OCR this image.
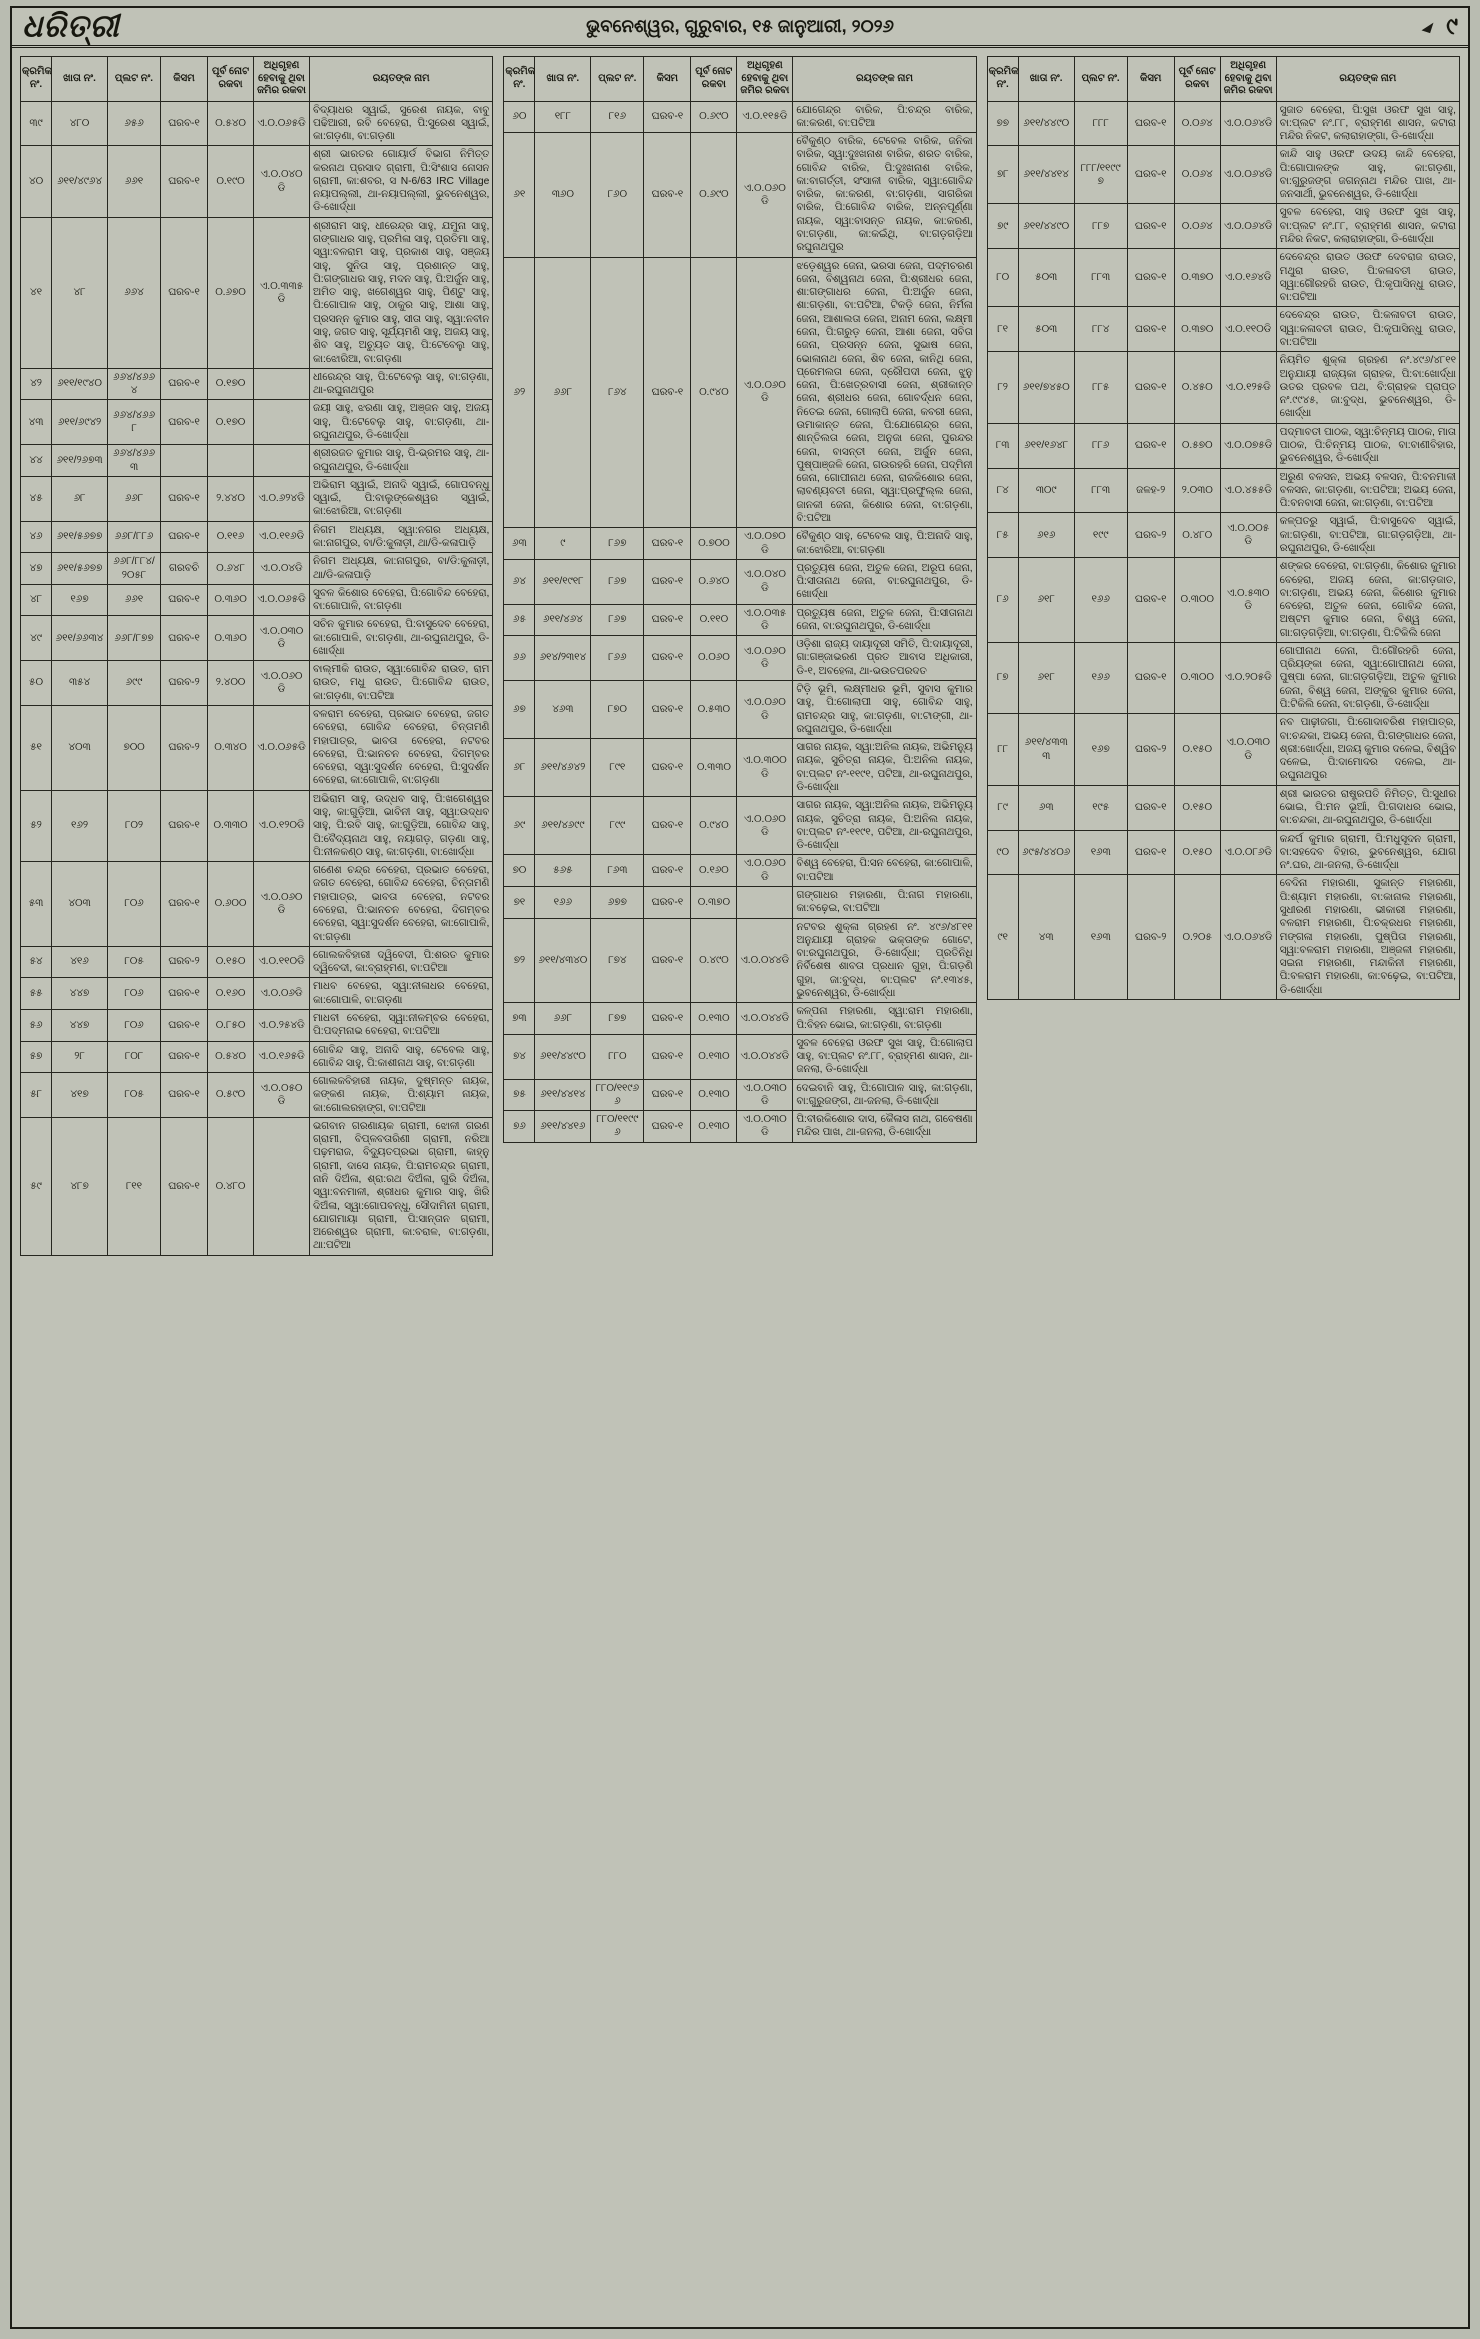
ଧରିତ୍ରୀ	ଭୁବନେଶ୍ୱର, ଗୁରୁବାର, ୧୫ ଜାନୁଆରୀ, ୨୦୨୬	୯
କ୍ରମିକ ନଂ.	ଖାତା ନଂ.	ପ୍ଲଟ ନଂ.	କିସମ	ପୂର୍ବ ନୋଟ ରକବା	ଅଧିଗୃହଣ ହେବାକୁ ଥିବା ଜମିର ରକବା	ରୟତଙ୍କ ନାମ
୩୯	୪୮୦	୬୫୬	ଘରବ-୧	୦.୫୪୦	ଏ.୦.୦୬୫ଡି	ବିଦ୍ୟାଧର ସ୍ୱାଇଁ, ସୁରେଶ ନାୟକ, ବାବୁ ପଢିଆରୀ, ରବି ବେହେରା, ପି:ସୁରେଶ ସ୍ୱାଇଁ, କା:ଗଡ଼ଣା, ବା:ଗଡ଼ଣା
୪୦	୬୧୧/୪୯୬୪	୬୬୧	ଘରବ-୧	୦.୧୯୦	ଏ.୦.୦୪୦ଡି	ଶ୍ରୀ ଭାରତର ଗୋୟାର୍ଡ ବିଭାଗ ନିମିତ୍ତ କରନାଥ ପ୍ରସାଦ ଗ୍ରାମୀ, ପି:ସିଂଶାସ ନୋସନ ଗ୍ରାମୀ, କା:ଶବର, ସ N-6/63 IRC Village ନୟାପଲ୍ଲୀ, ଥା-ନୟାପଲ୍ଲୀ, ଭୁବନେଶ୍ୱର, ଡି-ଖୋର୍ଦ୍ଧା
୪୧	୪୮	୬୬୪	ଘରବ-୧	୦.୬୭୦	ଏ.୦.୩୩୫ଡି	ଶ୍ରୀରାମ ସାହୁ, ଧୀରେନ୍ଦ୍ର ସାହୁ, ଯମୁନା ସାହୁ, ଗଙ୍ଗାଧର ସାହୁ, ପ୍ରମିଳା ସାହୁ, ପ୍ରତିମା ସାହୁ, ସ୍ୱା:ବଳରାମ ସାହୁ, ପ୍ରକାଶ ସାହୁ, ସଞ୍ଜୟ ସାହୁ, ସୁନିତା ସାହୁ, ପ୍ରଶାନ୍ତ ସାହୁ, ପି:ଗଙ୍ଗାଧର ସାହୁ, ମଦନ ସାହୁ, ପି:ଅର୍ଜୁନ ସାହୁ, ଅମିତ ସାହୁ, ଖଗେଶ୍ୱର ସାହୁ, ପିଣ୍ଟୁ ସାହୁ, ପି:ଗୋପାଳ ସାହୁ, ଠାକୁର ସାହୁ, ଆଶା ସାହୁ, ପ୍ରସନ୍ନ କୁମାର ସାହୁ, ସୀତା ସାହୁ, ସ୍ୱା:ନବୀନ ସାହୁ, ଜଗତ ସାହୁ, ସୂର୍ଯ୍ୟମଣି ସାହୁ, ଅଜୟ ସାହୁ, ଶିବ ସାହୁ, ଅଚ୍ୟୁତ ସାହୁ, ପି:ଟେବେଲୁ ସାହୁ, କା:ଝୋରିଆ, ବା:ଗଡ଼ଣା
୪୨	୬୧୧/୧୯୪୦	୬୬୪/୪୬୬୪	ଘରବ-୧	୦.୧୭୦		ଧୀରେନ୍ଦ୍ର ସାହୁ, ପି:ଟେବେଲୁ ସାହୁ, ବା:ଗଡ଼ଣା, ଥା-ରଘୁନାଥପୁର
୪୩	୬୧୧/୬୯୪୨	୬୬୪/୪୬୬୮	ଘରବ-୧	୦.୧୭୦		ଜୟୀ ସାହୁ, ଝରଣା ସାହୁ, ଅଞ୍ଜନ ସାହୁ, ଅଜୟ ସାହୁ, ପି:ଟେବେଲୁ ସାହୁ, ବା:ଗଡ଼ଣା, ଥା-ରଘୁନାଥପୁର, ଡି-ଖୋର୍ଦ୍ଧା
୪୪	୬୧୧/୨୬୭୩	୬୬୪/୪୬୬୩				ଶ୍ରୀରଜତ କୁମାର ସାହୁ, ପି-ଭ୍ରମର ସାହୁ, ଥା-ରଘୁନାଥପୁର, ଡି-ଖୋର୍ଦ୍ଧା
୪୫	୬୮	୬୬୮	ଘରବ-୧	୨.୪୪୦	ଏ.୦.୬୨୪ଡି	ଅଭିରାମ ସ୍ୱାଇଁ, ଅନାଦି ସ୍ୱାଇଁ, ଗୋପବନ୍ଧୁ ସ୍ୱାଇଁ, ପି:ବାଲୁଙ୍କେଶ୍ୱର ସ୍ୱାଇଁ, କା:ଝୋରିଆ, ବା:ଗଡ଼ଣା
୪୬	୬୧୧/୫୬୭୭	୬୬୮/୮୮୬	ଘରବ-୧	୦.୧୧୬	ଏ.୦.୧୧୬ଡି	ନିଗମ ଅଧ୍ୟକ୍ଷ, ସ୍ୱା:ନଗର ଅଧ୍ୟକ୍ଷ, କା:ନାଗପୁର, ବା/ଡି:କୁଳାଡ଼ୀ, ଥା/ଡି-କଳାପାଡ଼ି
୪୭	୬୧୧/୫୬୭୭	୬୬୮/୮୮୪/୨୦୫୮	ଗରବଚି	୦.୬୪୮	ଏ.୦.୦୪ଡି	ନିଗମ ଅଧ୍ୟକ୍ଷ, କା:ନାଗପୁର, ବା/ଡି:କୁଳାଡ଼ୀ, ଥା/ଡି-କଳାପାଡ଼ି
୪୮	୧୬୭	୬୬୧	ଘରବ-୧	୦.୩୬୦	ଏ.୦.୦୬୫ଡି	ସୁବଳ କିଶୋର ବେହେରା, ପି:ଗୋବିନ୍ଦ ବେହେରା, ବା:ଗୋପାଳି, ବା:ଗଡ଼ଣା
୪୯	୬୧୧/୬୬୩୪	୬୬୮/୮୭୭	ଘରବ-୧	୦.୩୬୦	ଏ.୦.୦୩୦ଡି	ସଚିନ କୁମାର ବେହେରା, ପି:ବାସୁଦେବ ବେହେରା, କା:ଗୋପାଳି, ବା:ଗଡ଼ଣା, ଥା-ରଘୁନାଥପୁର, ଡି-ଖୋର୍ଦ୍ଧା
୫୦	୩୫୪	୬୯୯	ଘରବ-୨	୨.୪୦୦	ଏ.୦.୦୬୦ଡି	ବାଲ୍ମୀକି ରାଉତ, ସ୍ୱା:ଗୋବିନ୍ଦ ରାଉତ, ରାମ ରାଉତ, ମଧୁ ରାଉତ, ପି:ଗୋବିନ୍ଦ ରାଉତ, କା:ଗଡ଼ଣା, ବା:ପଟିଆ
୫୧	୪୦୩	୭୦୦	ଘରବ-୨	୦.୩୪୦	ଏ.୦.୦୬୫ଡି	ବଳରାମ ବେହେରା, ପ୍ରଭାତ ବେହେରା, ଜଗତ ବେହେରା, ଗୋବିନ୍ଦ ବେହେରା, ଚିନ୍ତାମଣି ମହାପାତ୍ର, ଭାବତା ବେହେରା, ନଟବର ବେହେରା, ପି:ଭାନଚନ ବେହେରା, ଦିଗମ୍ବର ବେହେରା, ସ୍ୱା:ସୁଦର୍ଶନ ବେହେରା, ପି:ସୁଦର୍ଶନ ବେହେରା, କା:ଗୋପାଳି, ବା:ଗଡ଼ଣା
୫୨	୧୬୨	୮୦୨	ଘରବ-୧	୦.୩୩୦	ଏ.୦.୧୨୦ଡି	ଅଭିରାମ ସାହୁ, ଉଦ୍ଧବ ସାହୁ, ପି:ଖଗେଶ୍ୱର ସାହୁ, କା:ଗୁଡ଼ିଆ, ଭାବିନୀ ସାହୁ, ସ୍ୱା:ଉଦ୍ଧବ ସାହୁ, ପି:ରବି ସାହୁ, କା:ଗୁଡ଼ିଆ, ଗୋବିନ୍ଦ ସାହୁ, ପି:ବୈଦ୍ୟନାଥ ସାହୁ, ନୟାଗଡ଼, ଗଡ଼ଣା ସାହୁ, ପି:ନୀଳକଣ୍ଠ ସାହୁ, କା:ଗଡ଼ଣା, ବା:ଖୋର୍ଦ୍ଧା
୫୩	୪୦୩	୮୦୬	ଘରବ-୧	୦.୬୦୦	ଏ.୦.୦୬୦ଡି	ଗଣେଶ ଚନ୍ଦ୍ର ବେହେରା, ପ୍ରଭାତ ବେହେରା, ଜଗତ ବେହେରା, ଗୋବିନ୍ଦ ବେହେରା, ଚିନ୍ତାମଣି ମହାପାତ୍ର, ଭାବତା ବେହେରା, ନଟବର ବେହେରା, ପି:ଭାନଚନ ବେହେରା, ଦିଗମ୍ବର ବେହେରା, ସ୍ୱା:ସୁଦର୍ଶନ ବେହେରା, କା:ଗୋପାଳି, ବା:ଗଡ଼ଣା
୫୪	୪୧୬	୮୦୫	ଘରବ-୨	୦.୧୫୦	ଏ.୦.୧୧୦ଡି	ଗୋଲକବିହାରୀ ଦ୍ୱିବେଦୀ, ପି:ଶରତ କୁମାର ଦ୍ୱିବେଦୀ, କା:ବ୍ରାହ୍ମଣ, ବା:ପଟିଆ
୫୫	୪୪୭	୮୦୬	ଘରବ-୧	୦.୧୬୦	ଏ.୦.୦୬ଡି	ମାଧବ ବେହେରା, ସ୍ୱା:ନୀଳାଧର ବେହେରା, କା:ଗୋପାଳି, ବା:ଗଡ଼ଣା
୫୬	୪୪୭	୮୦୬	ଘରବ-୧	୦.୮୫୦	ଏ.୦.୨୫୪ଡି	ମାଧବୀ ବେହେରା, ସ୍ୱା:ନୀଳମ୍ବର ବେହେରା, ପି:ପଦ୍ମନାଭ ବେହେରା, ବା:ପଟିଆ
୫୭	୨୮	୮୦୮	ଘରବ-୧	୦.୫୪୦	ଏ.୦.୧୬୫ଡି	ଗୋବିନ୍ଦ ସାହୁ, ଅନାଦି ସାହୁ, ଟେବେଲ ସାହୁ, ଗୋବିନ୍ଦ ସାହୁ, ପି:କାଶୀନାଥ ସାହୁ, ବା:ଗଡ଼ଣା
୫୮	୪୧୭	୮୦୫	ଘରବ-୧	୦.୫୯୦	ଏ.୦.୦୫୦ଡି	ଗୋଲକବିହାରୀ ନାୟକ, ଦୁଷ୍ମନ୍ତ ନାୟକ, କଙ୍କଣ ନାୟକ, ପି:ଶ୍ୟାମ ନାୟକ, କା:ଗୋଲରହାଙ୍ଗ, ବା:ପଟିଆ
୫୯	୪୮୭	୮୧୧	ଘରବ-୧	୦.୪୮୦		ଭଗବାନ ଗରଣାୟକ ଗ୍ରାମୀ, ଝୋଳୀ ଗରଣ ଗ୍ରାମୀ, ବିପ୍ଳବତାରିଣୀ ଗ୍ରାମୀ, ନରିଆ ପଢ଼ମରାଜ, ବିଦ୍ୟୁତପ୍ରଭା ଗ୍ରାମୀ, କାହ୍ନୁ ଗ୍ରାମୀ, ଦାସେ ନାୟକ, ପି:ରାମଚନ୍ଦ୍ର ଗ୍ରାମୀ, ନାନି ଦିଅଁଳା, ଶ୍ରା:ରଥ ଦିଅଁଳା, ଗୁରି ଦିଅଁଳା, ସ୍ୱା:ବନମାଳୀ, ଶ୍ରୀଧର କୁମାର ସାହୁ, ଖିରି ଦିଅଁଳା, ସ୍ୱା:ଗୋପବନ୍ଧୁ, ସୌଦାମିନୀ ଗ୍ରାମୀ, ଯୋଗମାୟା ଗ୍ରାମୀ, ପି:ସାନ୍ତାନ ଗ୍ରାମୀ, ଅରେଶ୍ୱର ଗ୍ରାମୀ, କା:ବରାଳ, ବା:ଗଡ଼ଣା, ଥା:ପଟିଆ
କ୍ରମିକ ନଂ.	ଖାତା ନଂ.	ପ୍ଲଟ ନଂ.	କିସମ	ପୂର୍ବ ନୋଟ ରକବା	ଅଧିଗୃହଣ ହେବାକୁ ଥିବା ଜମିର ରକବା	ରୟତଙ୍କ ନାମ
୬୦	୧୮୮	୮୧୬	ଘରବ-୧	୦.୬୯୦	ଏ.୦.୧୧୫ଡି	ଯୋଗେନ୍ଦ୍ର ବାରିକ, ପି:ଚନ୍ଦ୍ର ବାରିକ, କା:କରଣ, ବା:ପଟିଆ
୬୧	୩୬୦	୮୬୦	ଘରବ-୧	୦.୬୯୦	ଏ.୦.୦୬୦ଡି	ବୈକୁଣ୍ଠ ବାରିକ, ଟେବେଲ ବାରିକ, ଜନିକା ବାରିକ, ସ୍ୱା:ଦୁଃଖନାଶ ବାରିକ, ଶରତ ବାରିକ, ଗୋବିନ୍ଦ ବାରିକ, ପି:ଦୁଃଖନାଶ ବାରିକ, କା:ବାଗର୍ତ୍ତୀ, ସଂସାଳୀ ବାରିକ, ସ୍ୱା:ଗୋବିନ୍ଦ ବାରିକ, କା:କରଣ, ବା:ଗଡ଼ଣା, ସାଗରିକା ବାରିକ, ପି:ଗୋବିନ୍ଦ ବାରିକ, ଅନ୍ନପୂର୍ଣ୍ଣା ନାୟକ, ସ୍ୱା:ବାସନ୍ତ ନାୟକ, କା:କରଣ, ବା:ଗଡ଼ଣା, କା:କଇଁଥି, ବା:ଗଡ଼ଗଡ଼ିଆ ରଘୁନାଥପୁର
୬୨	୬୬୮	୮୬୪	ଘରବ-୧	୦.୯୪୦	ଏ.୦.୦୬୦ଡି	ଝଡ଼େଶ୍ୱର ଜେନା, ଭରସା ଜେନା, ପଦ୍ମଚରଣ ଜେନା, ବିଶ୍ୱନାଥ ଜେନା, ପି:ଶ୍ରୀଧର ଜେନା, ଶା:ଗଙ୍ଗାଧର ଜେନା, ପି:ଅର୍ଜୁନ ଜେନା, ଶା:ଗଡ଼ଣା, ବା:ପଟିଆ, ଟିକଡ଼ି ଜେନା, ନିର୍ମଳା ଜେନା, ଆଶାଲତା ଜେନା, ଅନାମ ଜେନା, ଲକ୍ଷ୍ମୀ ଜେନା, ପି:ଗରୁଡ଼ ଜେନା, ଆଶା ଜେନା, ସବିତା ଜେନା, ପ୍ରସନ୍ନ ଜେନା, ସୁଭାଷ ଜେନା, ଭୋଳାନାଥ ଜେନା, ଶିବ ଜେନା, କାନିଥି ଜେନା, ପ୍ରେମଲତା ଜେନା, ଦ୍ରୌପଦୀ ଜେନା, ଝୁନୁ ଜେନା, ପି:ଖେତ୍ରବାସୀ ଜେନା, ଶ୍ରୀକାନ୍ତ ଜେନା, ଶ୍ରୀଧର ଜେନା, ଗୋବର୍ଦ୍ଧନ ଜେନା, ନିତେଇ ଜେନା, ଗୋଲାପି ଜେନା, କବରୀ ଜେନା, ଉମାକାନ୍ତ ଜେନା, ପି:ଯୋଗେନ୍ଦ୍ର ଜେନା, ଶାନ୍ତିଲତା ଜେନା, ଅନୁଜା ଜେନା, ପୁରନ୍ଦର ଜେନା, ବାସନ୍ତୀ ଜେନା, ଅର୍ଜୁନ ଜେନା, ପୁଷ୍ପାଞ୍ଜଳି ଜେନା, ଗଉରହରି ଜେନା, ପଦ୍ମିନୀ ଜେନା, ଗୋପୀନାଥ ଜେନା, ରାଜକିଶୋର ଜେନା, ଲାବଣ୍ୟବତୀ ଜେନା, ସ୍ୱା:ପ୍ରଫୁଲ୍ଲ ଜେନା, ଜାନକୀ ଜେନା, କିଶୋର ଜେନା, ବା:ଗଡ଼ଣା, ବି:ପଟିଆ
୬୩	୯	୮୬୭	ଘରବ-୧	୦.୭୦୦	ଏ.୦.୦୭୦ଡି	ବୈକୁଣ୍ଠ ସାହୁ, ଟେବେଲ ସାହୁ, ପି:ଅନାଦି ସାହୁ, କା:ଝୋରିଆ, ବା:ଗଡ଼ଣା
୬୪	୬୧୧/୧୯୧୮	୮୬୭	ଘରବ-୧	୦.୬୪୦	ଏ.୦.୦୪୦ଡି	ପ୍ରତ୍ୟୁଷ ଜେନା, ଅତୁଳ ଜେନା, ଅରୂପ ଜେନା, ପି:ସୀତାନାଥ ଜେନା, ବା:ରଘୁନାଥପୁର, ଡି-ଖୋର୍ଦ୍ଧା
୬୫	୬୧୧/୪୬୪	୮୬୭	ଘରବ-୧	୦.୧୧୦	ଏ.୦.୦୩୫ଡି	ପ୍ରତ୍ୟୁଷ ଜେନା, ଅତୁଳ ଜେନା, ପି:ସୀତାନାଥ ଜେନା, ବା:ରଘୁନାଥପୁର, ଡି-ଖୋର୍ଦ୍ଧା
୬୬	୬୧୪/୨୩୧୪	୮୬୬	ଘରବ-୧	୦.୦୬୦	ଏ.୦.୦୬୦ଡି	ଓଡ଼ିଶା ରାଜ୍ୟ ଦାୟାଦୂରୀ ସମିତି, ପି:ଦାୟାଦୂରୀ, ଗା:ଗଞ୍ଜାଭରଣ ପ୍ରତ ଆବାସ ଅଧିକାରୀ, ଡି-୧, ଅବହେଳା, ଥା-ଭଉତପରଦତ
୬୭	୪୬୩	୮୭୦	ଘରବ-୧	୦.୫୩୦	ଏ.୦.୦୬୦ଡି	ଟିଡ଼ି ଭୂମି, ଲକ୍ଷ୍ମୀଧର ଭୂମି, ସୁବାସ କୁମାର ସାହୁ, ପି:ଗୋଲାପୀ ସାହୁ, ଗୋବିନ୍ଦ ସାହୁ, ରାମଚନ୍ଦ୍ର ସାହୁ, କା:ଗଡ଼ଣା, ବା:ଟାଙ୍ଗୀ, ଥା-ରଘୁନାଥପୁର, ଡି-ଖୋର୍ଦ୍ଧା
୬୮	୬୧୧/୪୬୪୨	୮୯୧	ଘରବ-୧	୦.୩୩୦	ଏ.୦.୩୦୦ଡି	ସାଗର ନାୟକ, ସ୍ୱା:ଅନିଲ ନାୟକ, ଅଭିମନ୍ୟୁ ନାୟକ, ସୁଚିତ୍ରା ନାୟକ, ପି:ଅନିଲ ନାୟକ, ବା:ପ୍ଲଟ ନଂ-୧୧୯୧, ପଟିଆ, ଥା-ରଘୁନାଥପୁର, ଡି-ଖୋର୍ଦ୍ଧା
୬୯	୬୧୧/୪୬୯୯	୮୯୯	ଘରବ-୧	୦.୯୪୦	ଏ.୦.୦୬୦ଡି	ସାଗର ନାୟକ, ସ୍ୱା:ଅନିଲ ନାୟକ, ଅଭିମନ୍ୟୁ ନାୟକ, ସୁଚିତ୍ରା ନାୟକ, ପି:ଅନିଲ ନାୟକ, ବା:ପ୍ଲଟ ନଂ-୧୧୯୧, ପଟିଆ, ଥା-ରଘୁନାଥପୁର, ଡି-ଖୋର୍ଦ୍ଧା
୭୦	୫୬୫	୮୬୩	ଘରବ-୧	୦.୧୬୦	ଏ.୦.୦୬୦ଡି	ବିଶ୍ୱ ବେହେରା, ପି:ସନ ବେହେରା, କା:ଗୋପାଳି, ବା:ପଟିଆ
୭୧	୧୬୬	୬୭୭	ଘରବ-୧	୦.୩୭୦		ଗଙ୍ଗାଧର ମହାରଣା, ପି:ନାଗ ମହାରଣା, କା:ବଢ଼େଇ, ବା:ପଟିଆ
୭୨	୬୧୧/୪୩୪୦	୮୭୪	ଘରବ-୧	୦.୪୯୦	ଏ.୦.୦୪୪ଡି	ନଟବର ଶୁକ୍ଳା ଗ୍ରହଣ ନଂ. ୪୯୬/୪୮୧୧ ଅନୁଯାୟୀ ଗ୍ରାହକ ଭକ୍ତାଙ୍କ ଗୋଟେ, ବା:ରଘୁନାଥପୁର, ଡି-ଖୋର୍ଦ୍ଧା; ପ୍ରତିନିଧି ନିର୍ବିଶେଷ ଶାବତା ପ୍ରଧାନ ଗୁହା, ପି:ଗଡ଼ଣି ଗୁହା, ଜା:ବୁଦ୍ଧ, ବା:ପ୍ଲଟ ନଂ.୧୩୪୫, ଭୁବନେଶ୍ୱର, ଡି-ଖୋର୍ଦ୍ଧା
୭୩	୬୬୮	୮୭୭	ଘରବ-୧	୦.୧୩୦	ଏ.୦.୦୪୪ଡି	କଳ୍ପନା ମହାରଣା, ସ୍ୱା:ରାମ ମହାରଣା, ପି:ବିହନ ଭୋଇ, କା:ଗଡ଼ଣା, ବା:ଗଡ଼ଣା
୭୪	୬୧୧/୪୪୯୦	୮୮୦	ଘରବ-୧	୦.୧୩୦	ଏ.୦.୦୪୪ଡି	ସୁବଳ ବେହେରା ଓରଫ ସୁଖ ସାହୁ, ପି:ଗୋଲାପ ସାହୁ, ବା:ପ୍ଲଟ ନଂ.୮୮, ବ୍ରାହ୍ମଣ ଶାସନ, ଥା-ଜନଲା, ଡି-ଖୋର୍ଦ୍ଧା
୭୫	୬୧୧/୪୪୧୪	୮୮୦/୧୧୯୬୬	ଘରବ-୧	୦.୧୩୦	ଏ.୦.୦୩୦ଡି	ଦେଇବାନି ସାହୁ, ପି:ଗୋପାଳ ସାହୁ, କା:ଗଡ଼ଣା, ବା:ଗୁରୁଜଙ୍ଗ, ଥା-ଜନଲା, ଡି-ଖୋର୍ଦ୍ଧା
୭୬	୬୧୧/୪୪୧୬	୮୮୦/୧୧୯୯୬	ଘରବ-୧	୦.୧୩୦	ଏ.୦.୦୩୦ଡି	ପି:ବୀରକିଶୋର ଦାସ, କୈଳାସ ନାଥ, ଗବେଷଣା ମନ୍ଦିର ପାଖ, ଥା-ଜନଲା, ଡି-ଖୋର୍ଦ୍ଧା
କ୍ରମିକ ନଂ.	ଖାତା ନଂ.	ପ୍ଲଟ ନଂ.	କିସମ	ପୂର୍ବ ନୋଟ ରକବା	ଅଧିଗୃହଣ ହେବାକୁ ଥିବା ଜମିର ରକବା	ରୟତଙ୍କ ନାମ
୭୭	୬୧୧/୪୪୯୦	୮୮୮	ଘରବ-୧	୦.୦୬୪	ଏ.୦.୦୬୪ଡି	ସୁଜାତ ବେହେରା, ପି:ସୁଖ ଓରଫ ସୁଖ ସାହୁ, ବା:ପ୍ଲଟ ନଂ.୮୮, ବ୍ରାହ୍ମଣ ଶାସନ, କଟାରା ମନ୍ଦିର ନିକଟ, କଲାରାହାଙ୍ଗା, ଡି-ଖୋର୍ଦ୍ଧା
୭୮	୬୧୧/୪୪୧୪	୮୮୮/୧୧୯୯୭	ଘରବ-୧	୦.୦୬୪	ଏ.୦.୦୬୪ଡି	କାନ୍ଦି ସାହୁ ଓରଫ ଉଦୟ କାନ୍ଦି ବେହେରା, ପି:ଗୋପାଳଙ୍କ ସାହୁ, କା:ଗଡ଼ଣା, ବା:ଗୁରୁଜଙ୍ଗ ଜଗନ୍ନାଥ ମନ୍ଦିର ପାଖ, ଥା-ଜନସାର୍ଥୀ, ଭୁବନେଶ୍ୱର, ଡି-ଖୋର୍ଦ୍ଧା
୭୯	୬୧୧/୪୪୯୦	୮୮୭	ଘରବ-୧	୦.୦୬୪	ଏ.୦.୦୬୪ଡି	ସୁବଳ ବେହେରା, ସାହୁ ଓରଫ ସୁଖ ସାହୁ, ବା:ପ୍ଲଟ ନଂ.୮୮, ବ୍ରାହ୍ମଣ ଶାସନ, କଟାରା ମନ୍ଦିର ନିକଟ, କଲାରାହାଙ୍ଗା, ଡି-ଖୋର୍ଦ୍ଧା
୮୦	୫୦୩	୮୮୩	ଘରବ-୧	୦.୩୭୦	ଏ.୦.୧୬୪ଡି	ଦେବେନ୍ଦ୍ର ରାଉତ ଓରଫ ଦେବରାଜ ରାଉତ, ମଥୁରା ରାଉତ, ପି:କଳାବତୀ ରାଉତ, ସ୍ୱା:ଗୌରହରି ରାଉତ, ପି:କୃପାସିନ୍ଧୁ ରାଉତ, ବା:ପଟିଆ
୮୧	୫୦୩	୮୮୪	ଘରବ-୧	୦.୩୭୦	ଏ.୦.୧୧୦ଡି	ଦେବେନ୍ଦ୍ର ରାଉତ, ପି:କଳାବତୀ ରାଉତ, ସ୍ୱା:କଳାବତୀ ରାଉତ, ପି:କୃପାସିନ୍ଧୁ ରାଉତ, ବା:ପଟିଆ
୮୨	୬୧୧/୭୪୫୦	୮୮୫	ଘରବ-୧	୦.୪୫୦	ଏ.୦.୧୨୫ଡି	ନିୟମିତ ଶୁକ୍ଳା ଗ୍ରହଣ ନଂ.୪୯୬/୪୮୧୧ ଅନୁଯାୟୀ ରାଜ୍ୟକା ଗ୍ରାହକ, ପି:ବା:ଖୋର୍ଦ୍ଧା ଉତର ପ୍ରବଳ ପଥ, ବି:ଗ୍ରାହକ ପ୍ରାପ୍ତ ନଂ.୯୯୪୫, ଜା:ବୁଦ୍ଧ, ଭୁବନେଶ୍ୱର, ଡି-ଖୋର୍ଦ୍ଧା
୮୩	୬୧୧/୧୬୪୮	୮୮୬	ଘରବ-୧	୦.୫୭୦	ଏ.୦.୦୭୫ଡି	ପଦ୍ମାବତୀ ପାଠକ, ସ୍ୱା:ଚିନ୍ମୟ ପାଠକ, ମାତା ପାଠକ, ପି:ଚିନ୍ମୟ ପାଠକ, ବା:ବାଣୀବିହାର, ଭୁବନେଶ୍ୱର, ଡି-ଖୋର୍ଦ୍ଧା
୮୪	୩୦୯	୮୮୩	ଜଳହ-୨	୨.୦୩୦	ଏ.୦.୪୫୫ଡି	ଅରୁଣ ବଳସନ, ଅଭୟ ବଳସନ, ପି:ବନମାଳୀ ବଳସନ, କା:ଗଡ଼ଣା, ବା:ପଟିଆ; ଅଭୟ ଜେନା, ପି:ବନବାସୀ ଜେନା, କା:ଗଡ଼ଣା, ବା:ପଟିଆ
୮୫	୬୧୬	୧୯୯	ଘରବ-୨	୦.୪୮୦	ଏ.୦.୦୦୫ଡି	କଳ୍ପତରୁ ସ୍ୱାଇଁ, ପି:ବାସୁଦେବ ସ୍ୱାଇଁ, କା:ଗଡ଼ଣା, ବା:ପଟିଆ, ଗା:ଗଡ଼ଗଡ଼ିଆ, ଥା-ରଘୁନାଥପୁର, ଡି-ଖୋର୍ଦ୍ଧା
୮୬	୬୧୮	୧୬୬	ଘରବ-୧	୦.୩୦୦	ଏ.୦.୫୩୦ଡି	ଶଙ୍କର ବେହେରା, ବା:ଗଡ଼ଣା, କିଶୋର କୁମାର ବେହେରା, ଅଜୟ ଜେନା, କା:ଗଡ଼ଜାତ, ବା:ଗଡ଼ଣା, ଅଭୟ ଜେନା, କିଶୋର କୁମାର ବେହେରା, ଅତୁଳ ଜେନା, ଗୋବିନ୍ଦ ଜେନା, ଅଷ୍ଟମ କୁମାର ଜେନା, ବିଶ୍ୱ ଜେନା, ଗା:ଗଡ଼ଗଡ଼ିଆ, ବା:ଗଡ଼ଣା, ପି:ଟିକିଲି ଜେନା
୮୭	୬୧୮	୧୬୬	ଘରବ-୧	୦.୩୦୦	ଏ.୦.୨୦୫ଡି	ଗୋପୀନାଥ ଜେନା, ପି:ଗୌରହରି ଜେନା, ପ୍ରିୟଙ୍କା ଜେନା, ସ୍ୱା:ଗୋପୀନାଥ ଜେନା, ପୁଷ୍ପା ଜେନା, ଗା:ଗଡ଼ଗଡ଼ିଆ, ଅତୁଳ କୁମାର ଜେନା, ବିଶ୍ୱ ଜେନା, ଅଙ୍କୁର କୁମାର ଜେନା, ପି:ଟିକିଲି ଜେନା, ବା:ଗଡ଼ଣା, ଡି-ଖୋର୍ଦ୍ଧା
୮୮	୬୧୧/୪୩୩୩	୧୬୭	ଘରବ-୨	୦.୧୫୦	ଏ.୦.୦୩୦ଡି	ନବ ପାଢ଼ୀଜଗା, ପି:ଗୋଦାବରିଶ ମହାପାତ୍ର, ବା:ଚନ୍ଦକା, ଅଭୟ ଜେନା, ପି:ଗଙ୍ଗାଧର ଜେନା, ଶ୍ରୀ:ଖୋର୍ଦ୍ଧା, ଅଜୟ କୁମାର ଦଳେଇ, ବିଶ୍ୱିବ ଦଳେଇ, ପି:ଦାମୋଦର ଦଳେଇ, ଥା-ରଘୁନାଥପୁର
୮୯	୬୩	୧୯୫	ଘରବ-୧	୦.୧୫୦		ଶ୍ରୀ ଭାରତର ରାଷ୍ଟ୍ରପତି ନିମିତ୍ତ, ପି:ସୁଧୀର ଭୋଇ, ପି:ମନ ଭୂଆଁ, ପି:ଗଦାଧର ଭୋଇ, ବା:ଚନ୍ଦକା, ଥା-ରଘୁନାଥପୁର, ଡି-ଖୋର୍ଦ୍ଧା
୯୦	୬୯୫/୪୪୦୬	୧୬୩	ଘରବ-୧	୦.୧୫୦	ଏ.୦.୦୮୬ଡି	କନ୍ଦର୍ପ କୁମାର ଗ୍ରାମୀ, ପି:ମଧୁସୂଦନ ଗ୍ରାମୀ, ବା:ସହଦେବ ବିହାର, ଭୁବନେଶ୍ୱର, ଯୋଗ ନଂ.ଘର, ଥା-ଜନଲା, ଡି-ଖୋର୍ଦ୍ଧା
୯୧	୪୩	୧୬୩	ଘରବ-୨	୦.୨୦୫	ଏ.୦.୦୬୪ଡି	ବେଦିନା ମହାରଣା, ସୁକାନ୍ତ ମହାରଣା, ପି:ଶ୍ୟାମ ମହାରଣା, ବା:କାନାଲ ମହାରଣା, ସୁଧୀରଣ ମହାରଣା, ଭୀକାରୀ ମହାରଣା, ବଳରାମ ମହାରଣା, ପି:ଚକ୍ରଧର ମହାରଣା, ମଙ୍ଗଳା ମହାରଣା, ପୁଷ୍ପିତା ମହାରଣା, ସ୍ୱା:ବଳରାମ ମହାରଣା, ଅଞ୍ଜଳୀ ମହାରଣା, ସଇନା ମହାରଣା, ମନ୍ଦାକିନୀ ମହାରଣା, ପି:ବଳରାମ ମହାରଣା, କା:ବଢ଼େଇ, ବା:ପଟିଆ, ଡି-ଖୋର୍ଦ୍ଧା
